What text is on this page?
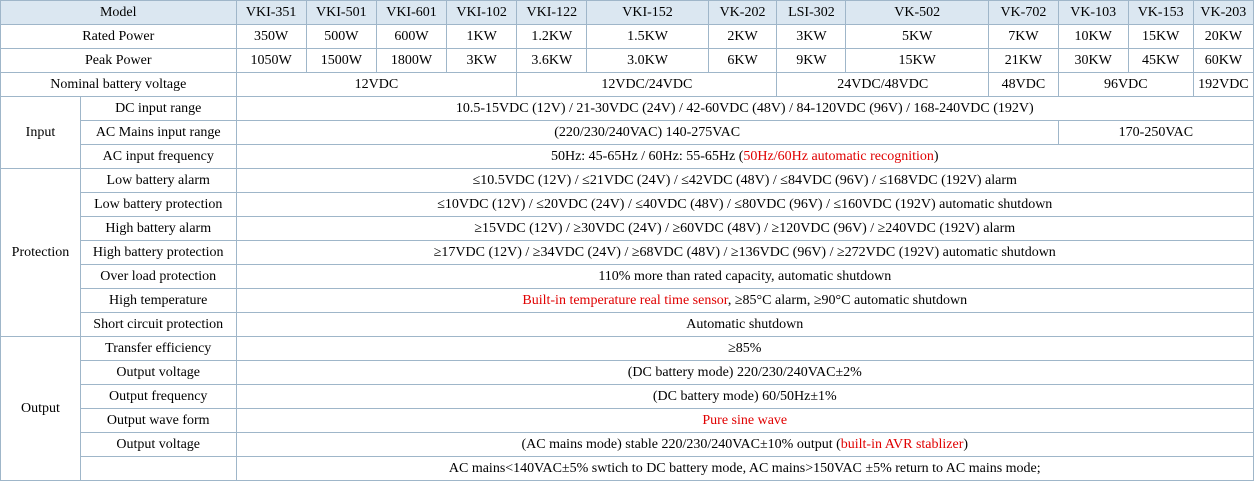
Model		VKI-351	VKI-501	VKI-601	VKI-102	VKI-122	VKI-152	VK-202	LSI-302	VK-502	VK-702	VK-103	VK-153	VK-203
Rated Power		350W	500W	600W	1KW	1.2KW	1.5KW	2KW	3KW	5KW	7KW	10KW	15KW	20KW
Peak Power		1050W	1500W	1800W	3KW	3.6KW	3.0KW	6KW	9KW	15KW	21KW	30KW	45KW	60KW
Nominal battery voltage		12VDC				12VDC/24VDC			24VDC/48VDC		48VDC	96VDC		192VDC
Input	DC input range	10.5-15VDC (12V) / 21-30VDC (24V) / 42-60VDC (48V) / 84-120VDC (96V) / 168-240VDC (192V)												
	AC Mains input range	(220/230/240VAC) 140-275VAC										170-250VAC		
	AC input frequency	50Hz: 45-65Hz / 60Hz: 55-65Hz (50Hz/60Hz automatic recognition)												
Protection	Low battery alarm	≤10.5VDC (12V) / ≤21VDC (24V) / ≤42VDC (48V) / ≤84VDC (96V) / ≤168VDC (192V) alarm												
	Low battery protection	≤10VDC (12V) / ≤20VDC (24V) / ≤40VDC (48V) / ≤80VDC (96V) / ≤160VDC (192V) automatic shutdown												
	High battery alarm	≥15VDC (12V) / ≥30VDC (24V) / ≥60VDC (48V) / ≥120VDC (96V) / ≥240VDC (192V) alarm												
	High battery protection	≥17VDC (12V) / ≥34VDC (24V) / ≥68VDC (48V) / ≥136VDC (96V) / ≥272VDC (192V) automatic shutdown												
	Over load protection	110% more than rated capacity, automatic shutdown												
	High temperature	Built-in temperature real time sensor, ≥85°C alarm, ≥90°C automatic shutdown												
	Short circuit protection	Automatic shutdown												
Output	Transfer efficiency	≥85%												
	Output voltage	(DC battery mode) 220/230/240VAC±2%												
	Output frequency	(DC battery mode) 60/50Hz±1%												
	Output wave form	Pure sine wave												
	Output voltage	(AC mains mode) stable 220/230/240VAC±10% output (built-in AVR stablizer)												
		AC mains<140VAC±5% swtich to DC battery mode, AC mains>150VAC ±5% return to AC mains mode;												
